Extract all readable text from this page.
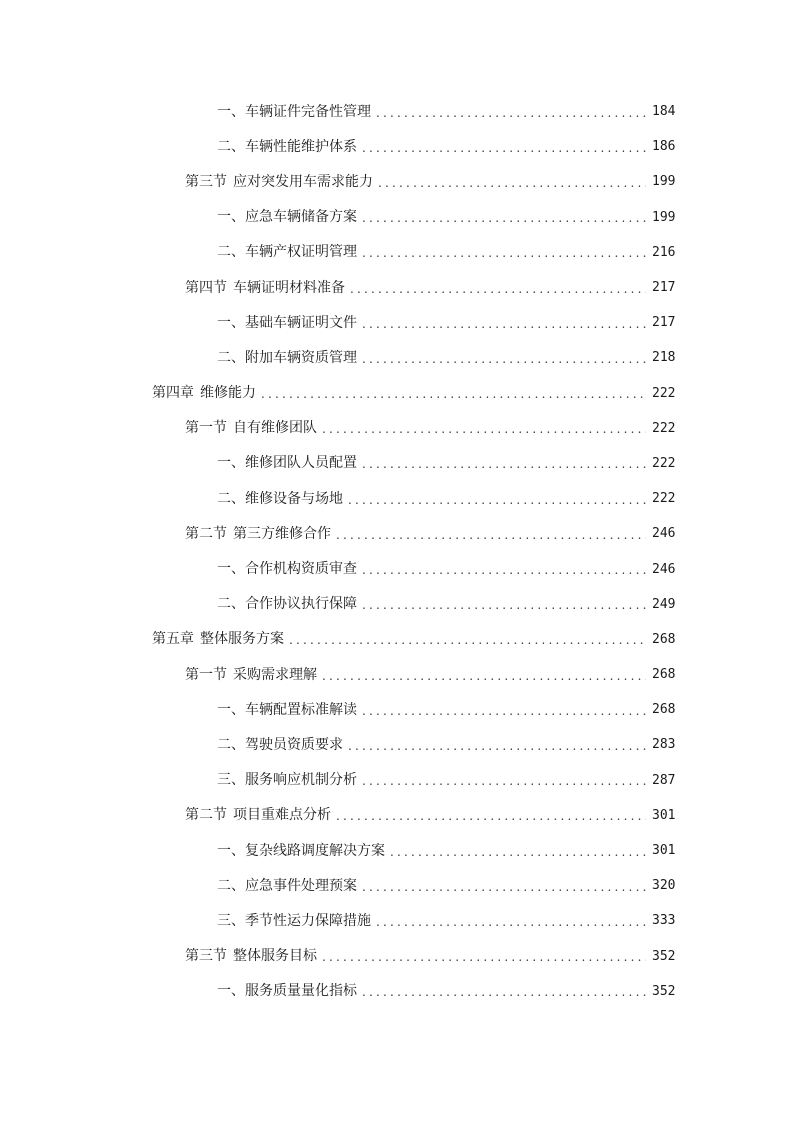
一、 车辆证件完备性管理 .....	184
二、 车辆性能维护体系 .....	186
第三节 应对突发用车需求能力 .....	199
一、 应急车辆储备方案 .....	199
二、 车辆产权证明管理 .....	216
第四节 车辆证明材料准备 .....	217
一、 基础车辆证明文件 .....	217
二、 附加车辆资质管理 .....	218
第四章 维修能力 .....	222
第一节 自有维修团队 .....	222
一、 维修团队人员配置 .....	222
二、 维修设备与场地 .....	222
第二节 第三方维修合作 .....	246
一、 合作机构资质审查 .....	246
二、 合作协议执行保障 .....	249
第五章 整体服务方案 .....	268
第一节 采购需求理解 .....	268
一、 车辆配置标准解读 .....	268
二、 驾驶员资质要求 .....	283
三、 服务响应机制分析 .....	287
第二节 项目重难点分析 .....	301
一、 复杂线路调度解决方案 .....	301
二、 应急事件处理预案 .....	320
三、 季节性运力保障措施 .....	333
第三节 整体服务目标 .....	352
一、 服务质量量化指标 .....	352
